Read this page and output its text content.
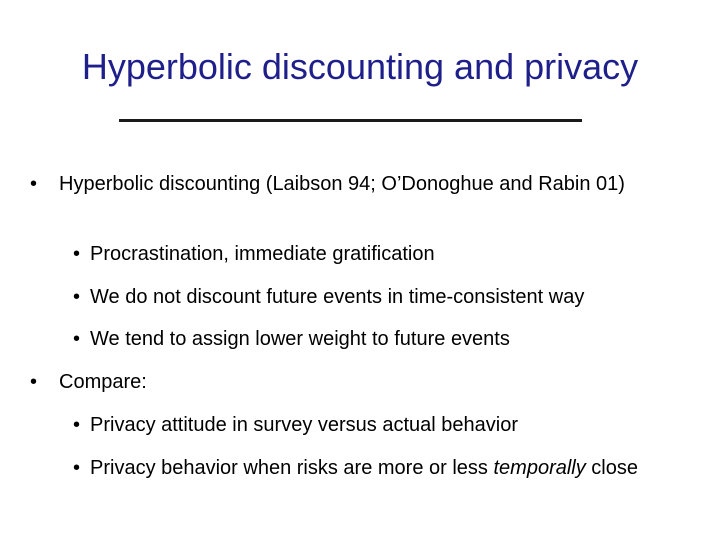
Hyperbolic discounting and privacy
• Hyperbolic discounting (Laibson 94; O’Donoghue and Rabin 01)
• Procrastination, immediate gratification
• We do not discount future events in time-consistent way
• We tend to assign lower weight to future events
• Compare:
• Privacy attitude in survey versus actual behavior
• Privacy behavior when risks are more or less temporally close
